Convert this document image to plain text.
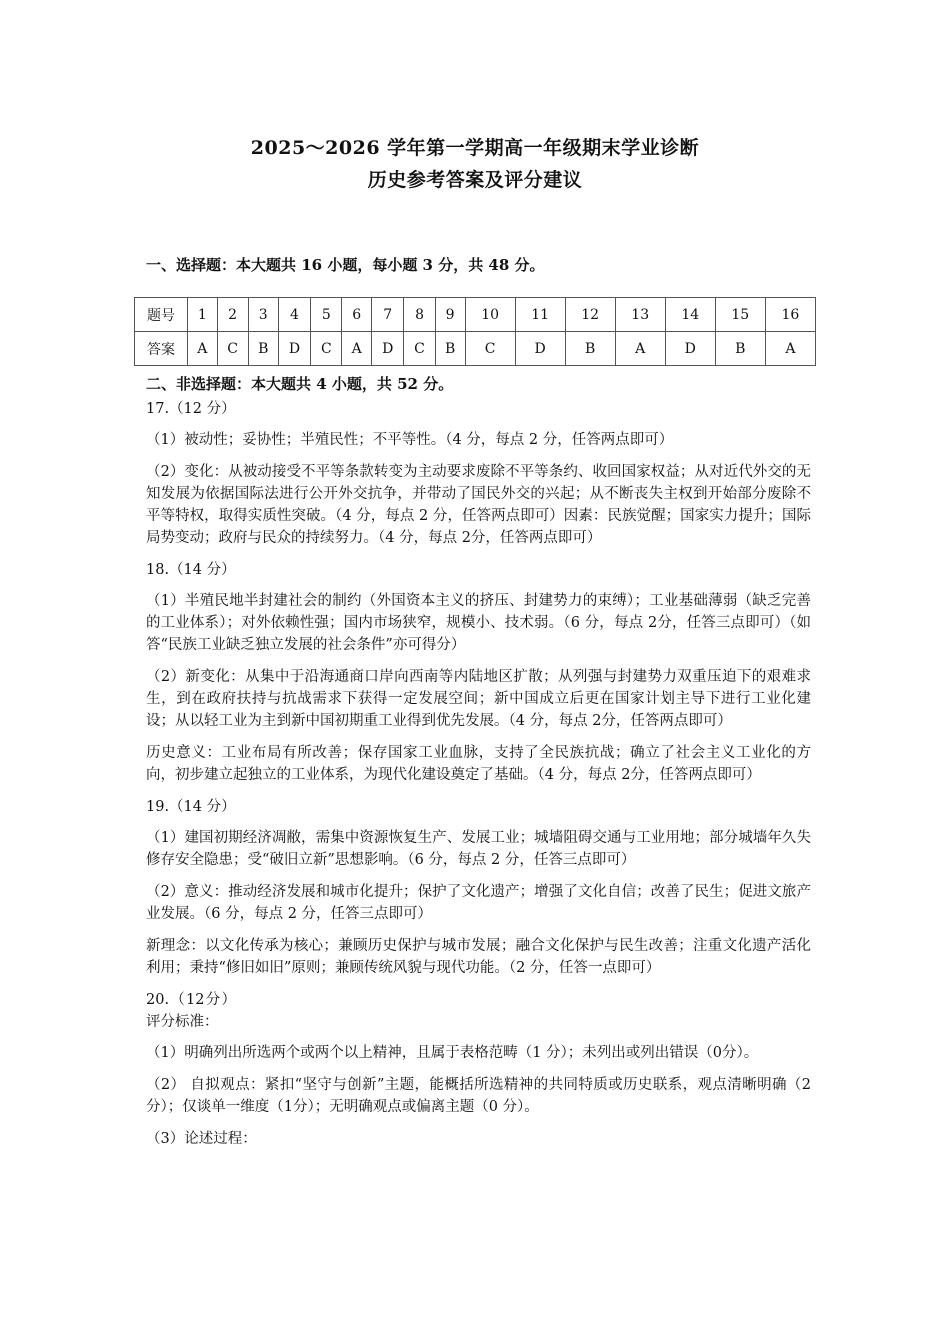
2025～2026 学年第一学期高一年级期末学业诊断
历史参考答案及评分建议
一、选择题：本大题共 16 小题，每小题 3 分，共 48 分。
题号	1	2	3	4	5	6	7	8	9	10	11	12	13	14	15	16
答案	A	C	B	D	C	A	D	C	B	C	D	B	A	D	B	A
二、非选择题：本大题共 4 小题，共 52 分。

17.（12 分）

（1）被动性；妥协性；半殖民性；不平等性。（4 分，每点 2 分，任答两点即可）

（2）变化：从被动接受不平等条款转变为主动要求废除不平等条约、收回国家权益；从对近代外交的无知发展为依据国际法进行公开外交抗争，并带动了国民外交的兴起；从不断丧失主权到开始部分废除不平等特权，取得实质性突破。（4 分，每点 2 分，任答两点即可）因素：民族觉醒；国家实力提升；国际局势变动；政府与民众的持续努力。（4 分，每点 2分，任答两点即可）

18.（14 分）

（1）半殖民地半封建社会的制约（外国资本主义的挤压、封建势力的束缚）；工业基础薄弱（缺乏完善的工业体系）；对外依赖性强；国内市场狭窄，规模小、技术弱。（6 分，每点 2分，任答三点即可）（如答“民族工业缺乏独立发展的社会条件”亦可得分）

（2）新变化：从集中于沿海通商口岸向西南等内陆地区扩散；从列强与封建势力双重压迫下的艰难求生，到在政府扶持与抗战需求下获得一定发展空间；新中国成立后更在国家计划主导下进行工业化建设；从以轻工业为主到新中国初期重工业得到优先发展。（4 分，每点 2分，任答两点即可）

历史意义：工业布局有所改善；保存国家工业血脉，支持了全民族抗战；确立了社会主义工业化的方向，初步建立起独立的工业体系，为现代化建设奠定了基础。（4 分，每点 2分，任答两点即可）

19.（14 分）

（1）建国初期经济凋敝，需集中资源恢复生产、发展工业；城墙阻碍交通与工业用地；部分城墙年久失修存安全隐患；受“破旧立新”思想影响。（6 分，每点 2 分，任答三点即可）

（2）意义：推动经济发展和城市化提升；保护了文化遗产；增强了文化自信；改善了民生；促进文旅产业发展。（6 分，每点 2 分，任答三点即可）

新理念：以文化传承为核心；兼顾历史保护与城市发展；融合文化保护与民生改善；注重文化遗产活化利用；秉持“修旧如旧”原则；兼顾传统风貌与现代功能。（2 分，任答一点即可）

20.（12分）评分标准：

（1）明确列出所选两个或两个以上精神，且属于表格范畴（1 分）；未列出或列出错误（0分）。

（2） 自拟观点：紧扣“坚守与创新”主题，能概括所选精神的共同特质或历史联系，观点清晰明确（2 分）；仅谈单一维度（1分）；无明确观点或偏离主题（0 分）。

（3）论述过程：
